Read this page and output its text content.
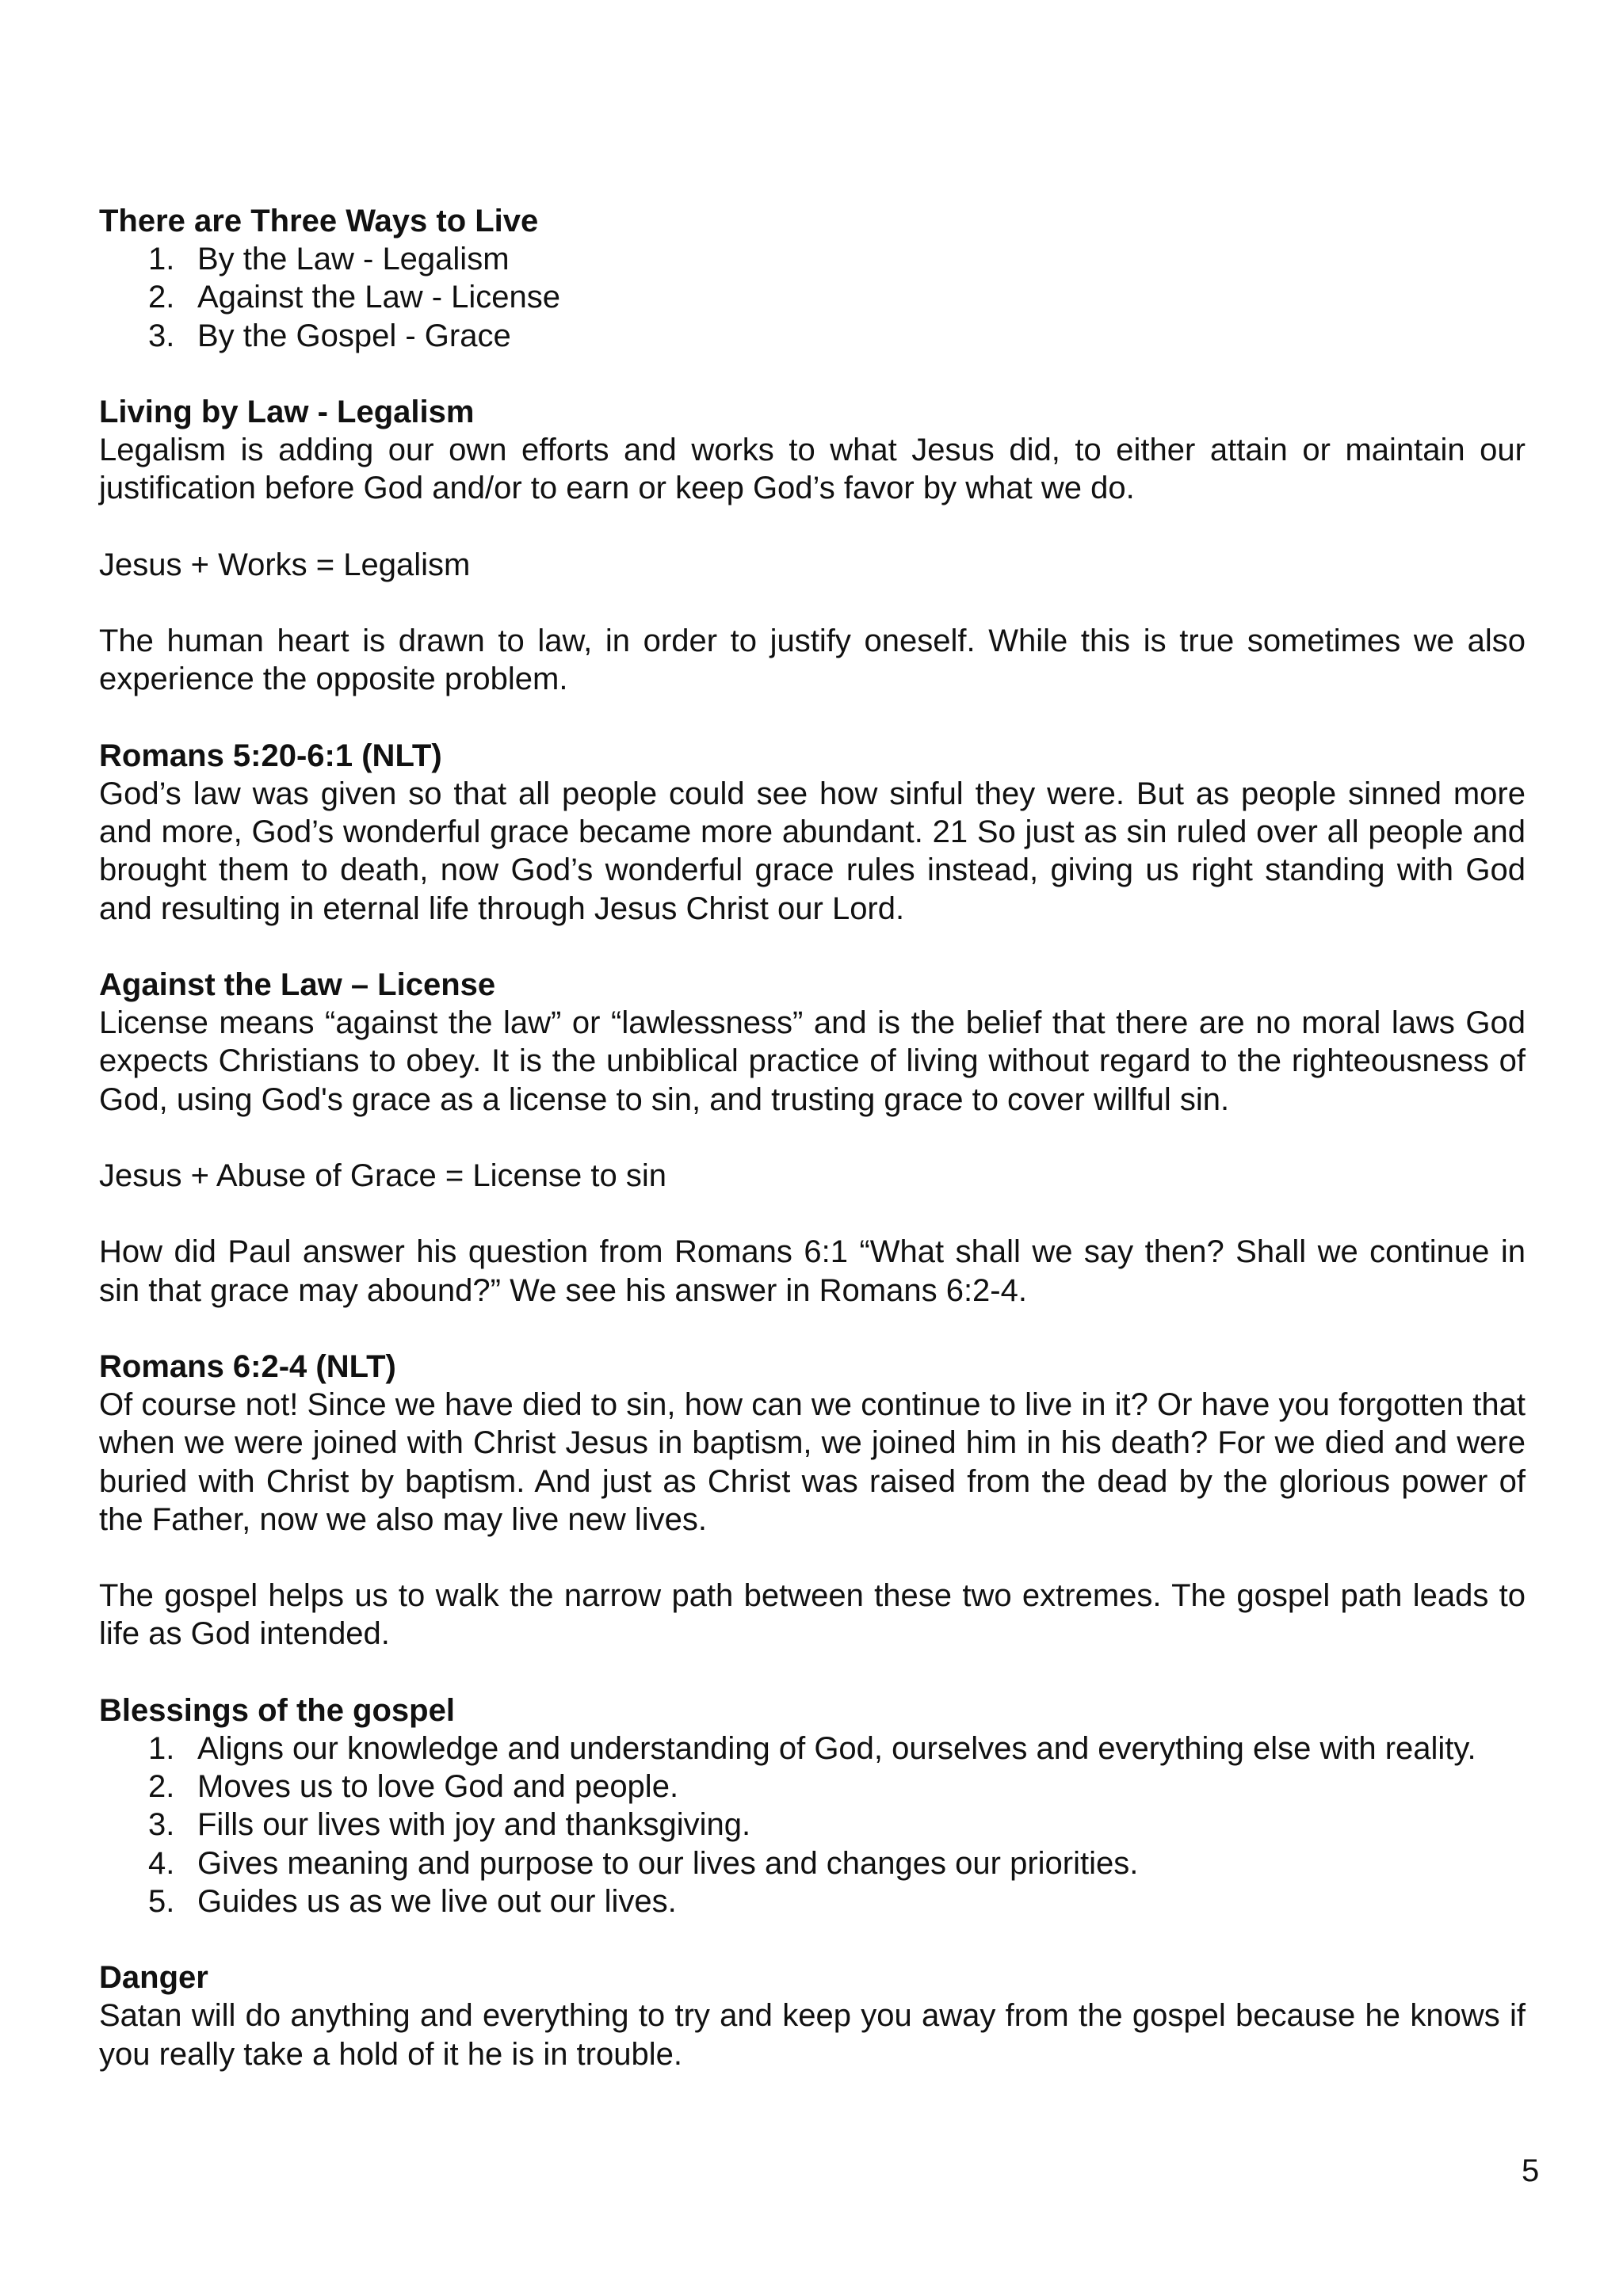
There are Three Ways to Live

1. By the Law - Legalism
2. Against the Law - License
3. By the Gospel - Grace

Living by Law - Legalism

Legalism is adding our own efforts and works to what Jesus did, to either attain or maintain our justification before God and/or to earn or keep God’s favor by what we do.

Jesus + Works = Legalism

The human heart is drawn to law, in order to justify oneself. While this is true sometimes we also experience the opposite problem.

Romans 5:20-6:1 (NLT)

God’s law was given so that all people could see how sinful they were. But as people sinned more and more, God’s wonderful grace became more abundant. 21 So just as sin ruled over all people and brought them to death, now God’s wonderful grace rules instead, giving us right standing with God and resulting in eternal life through Jesus Christ our Lord.

Against the Law – License

License means “against the law” or “lawlessness” and is the belief that there are no moral laws God expects Christians to obey. It is the unbiblical practice of living without regard to the righteousness of God, using God's grace as a license to sin, and trusting grace to cover willful sin.

Jesus + Abuse of Grace = License to sin

How did Paul answer his question from Romans 6:1 “What shall we say then? Shall we continue in sin that grace may abound?” We see his answer in Romans 6:2-4.

Romans 6:2-4 (NLT)

Of course not! Since we have died to sin, how can we continue to live in it? Or have you forgotten that when we were joined with Christ Jesus in baptism, we joined him in his death? For we died and were buried with Christ by baptism. And just as Christ was raised from the dead by the glorious power of the Father, now we also may live new lives.

The gospel helps us to walk the narrow path between these two extremes. The gospel path leads to life as God intended.

Blessings of the gospel

1. Aligns our knowledge and understanding of God, ourselves and everything else with reality.
2. Moves us to love God and people.
3. Fills our lives with joy and thanksgiving.
4. Gives meaning and purpose to our lives and changes our priorities.
5. Guides us as we live out our lives.

Danger

Satan will do anything and everything to try and keep you away from the gospel because he knows if you really take a hold of it he is in trouble.

5
